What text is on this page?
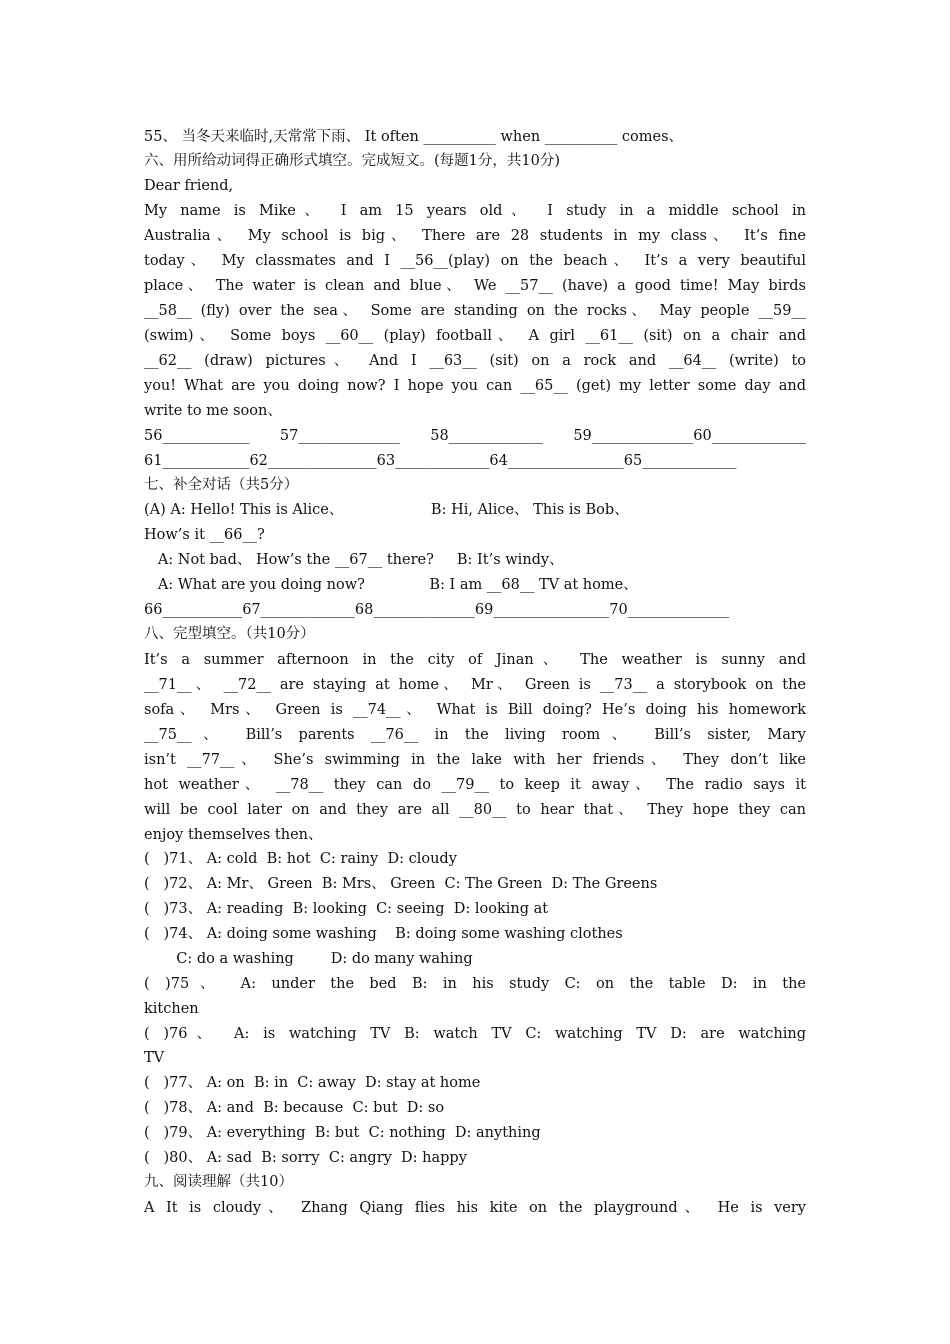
55、 当冬天来临时,天常常下雨、 It often __________ when __________ comes、
六、用所给动词得正确形式填空。完成短文。(每题1分，共10分)
Dear friend,
My name is Mike、 I am 15 years old、 I study in a middle school in
Australia、 My school is big、 There are 28 students in my class、 It’s fine
today、 My classmates and I __56__(play) on the beach、 It’s a very beautiful
place、 The water is clean and blue、 We __57__ (have) a good time! May birds
__58__ (fly) over the sea、 Some are standing on the rocks、 May people __59__
(swim)、 Some boys __60__ (play) football、 A girl __61__ (sit) on a chair and
__62__ (draw) pictures、 And I __63__ (sit) on a rock and __64__ (write) to
you! What are you doing now? I hope you can __65__ (get) my letter some day and
write to me soon、
56____________ 57______________ 58_____________ 59______________60_____________
61____________62_______________63_____________64________________65_____________
七、补全对话（共5分）
(A) A: Hello! This is Alice、                   B: Hi, Alice、 This is Bob、
How’s it __66__?
A: Not bad、 How’s the __67__ there?     B: It’s windy、
A: What are you doing now?              B: I am __68__ TV at home、
66___________67_____________68______________69________________70______________
八、完型填空。（共10分）
It’s a summer afternoon in the city of Jinan、 The weather is sunny and
__71__、 __72__ are staying at home、 Mr、 Green is __73__ a storybook on the
sofa、 Mrs、 Green is __74__、 What is Bill doing? He’s doing his homework
__75__、 Bill’s parents __76__ in the living room、 Bill’s sister, Mary
isn’t __77__、 She’s swimming in the lake with her friends、 They don’t like
hot weather、 __78__ they can do __79__ to keep it away、 The radio says it
will be cool later on and they are all __80__ to hear that、 They hope they can
enjoy themselves then、
(   )71、 A: cold  B: hot  C: rainy  D: cloudy
(   )72、 A: Mr、 Green  B: Mrs、 Green  C: The Green  D: The Greens
(   )73、 A: reading  B: looking  C: seeing  D: looking at
(   )74、 A: doing some washing    B: doing some washing clothes
C: do a washing        D: do many wahing
( )75、 A: under the bed B: in his study C: on the table D: in the
kitchen
( )76、 A: is watching TV B: watch TV C: watching TV D: are watching
TV
(   )77、 A: on  B: in  C: away  D: stay at home
(   )78、 A: and  B: because  C: but  D: so
(   )79、 A: everything  B: but  C: nothing  D: anything
(   )80、 A: sad  B: sorry  C: angry  D: happy
九、阅读理解（共10）
A It is cloudy、 Zhang Qiang flies his kite on the playground、 He is very
